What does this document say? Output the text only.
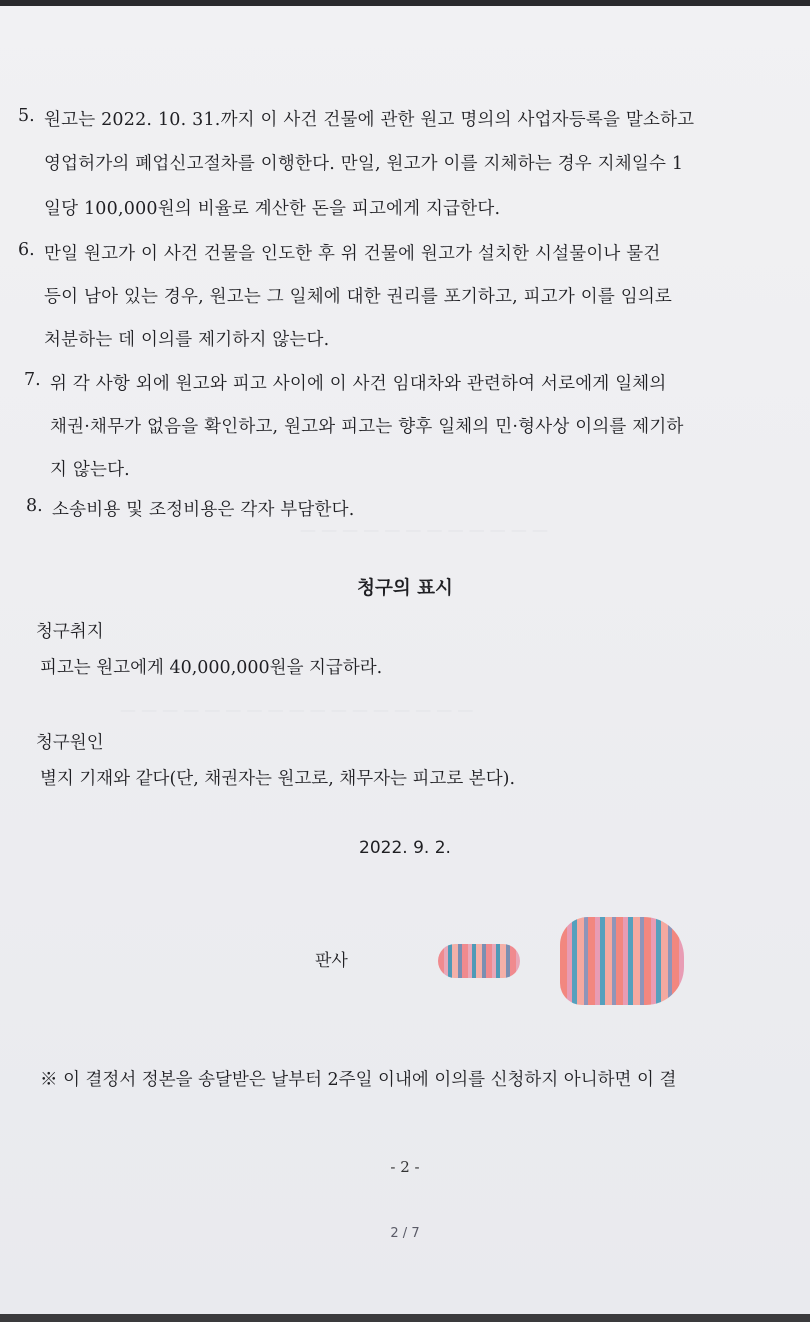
— — — — — — — — — — — —
— — — — — — — — — — — — — — — — —
5. 원고는 2022. 10. 31.까지 이 사건 건물에 관한 원고 명의의 사업자등록을 말소하고
영업허가의 폐업신고절차를 이행한다. 만일, 원고가 이를 지체하는 경우 지체일수 1
일당 100,000원의 비율로 계산한 돈을 피고에게 지급한다.
6. 만일 원고가 이 사건 건물을 인도한 후 위 건물에 원고가 설치한 시설물이나 물건
등이 남아 있는 경우, 원고는 그 일체에 대한 권리를 포기하고, 피고가 이를 임의로
처분하는 데 이의를 제기하지 않는다.
7. 위 각 사항 외에 원고와 피고 사이에 이 사건 임대차와 관련하여 서로에게 일체의
채권·채무가 없음을 확인하고, 원고와 피고는 향후 일체의 민·형사상 이의를 제기하
지 않는다.
8. 소송비용 및 조정비용은 각자 부담한다.
청구의 표시
청구취지
피고는 원고에게 40,000,000원을 지급하라.
청구원인
별지 기재와 같다(단, 채권자는 원고로, 채무자는 피고로 본다).
2022. 9. 2.
판사
※ 이 결정서 정본을 송달받은 날부터 2주일 이내에 이의를 신청하지 아니하면 이 결
- 2 -
2 / 7
